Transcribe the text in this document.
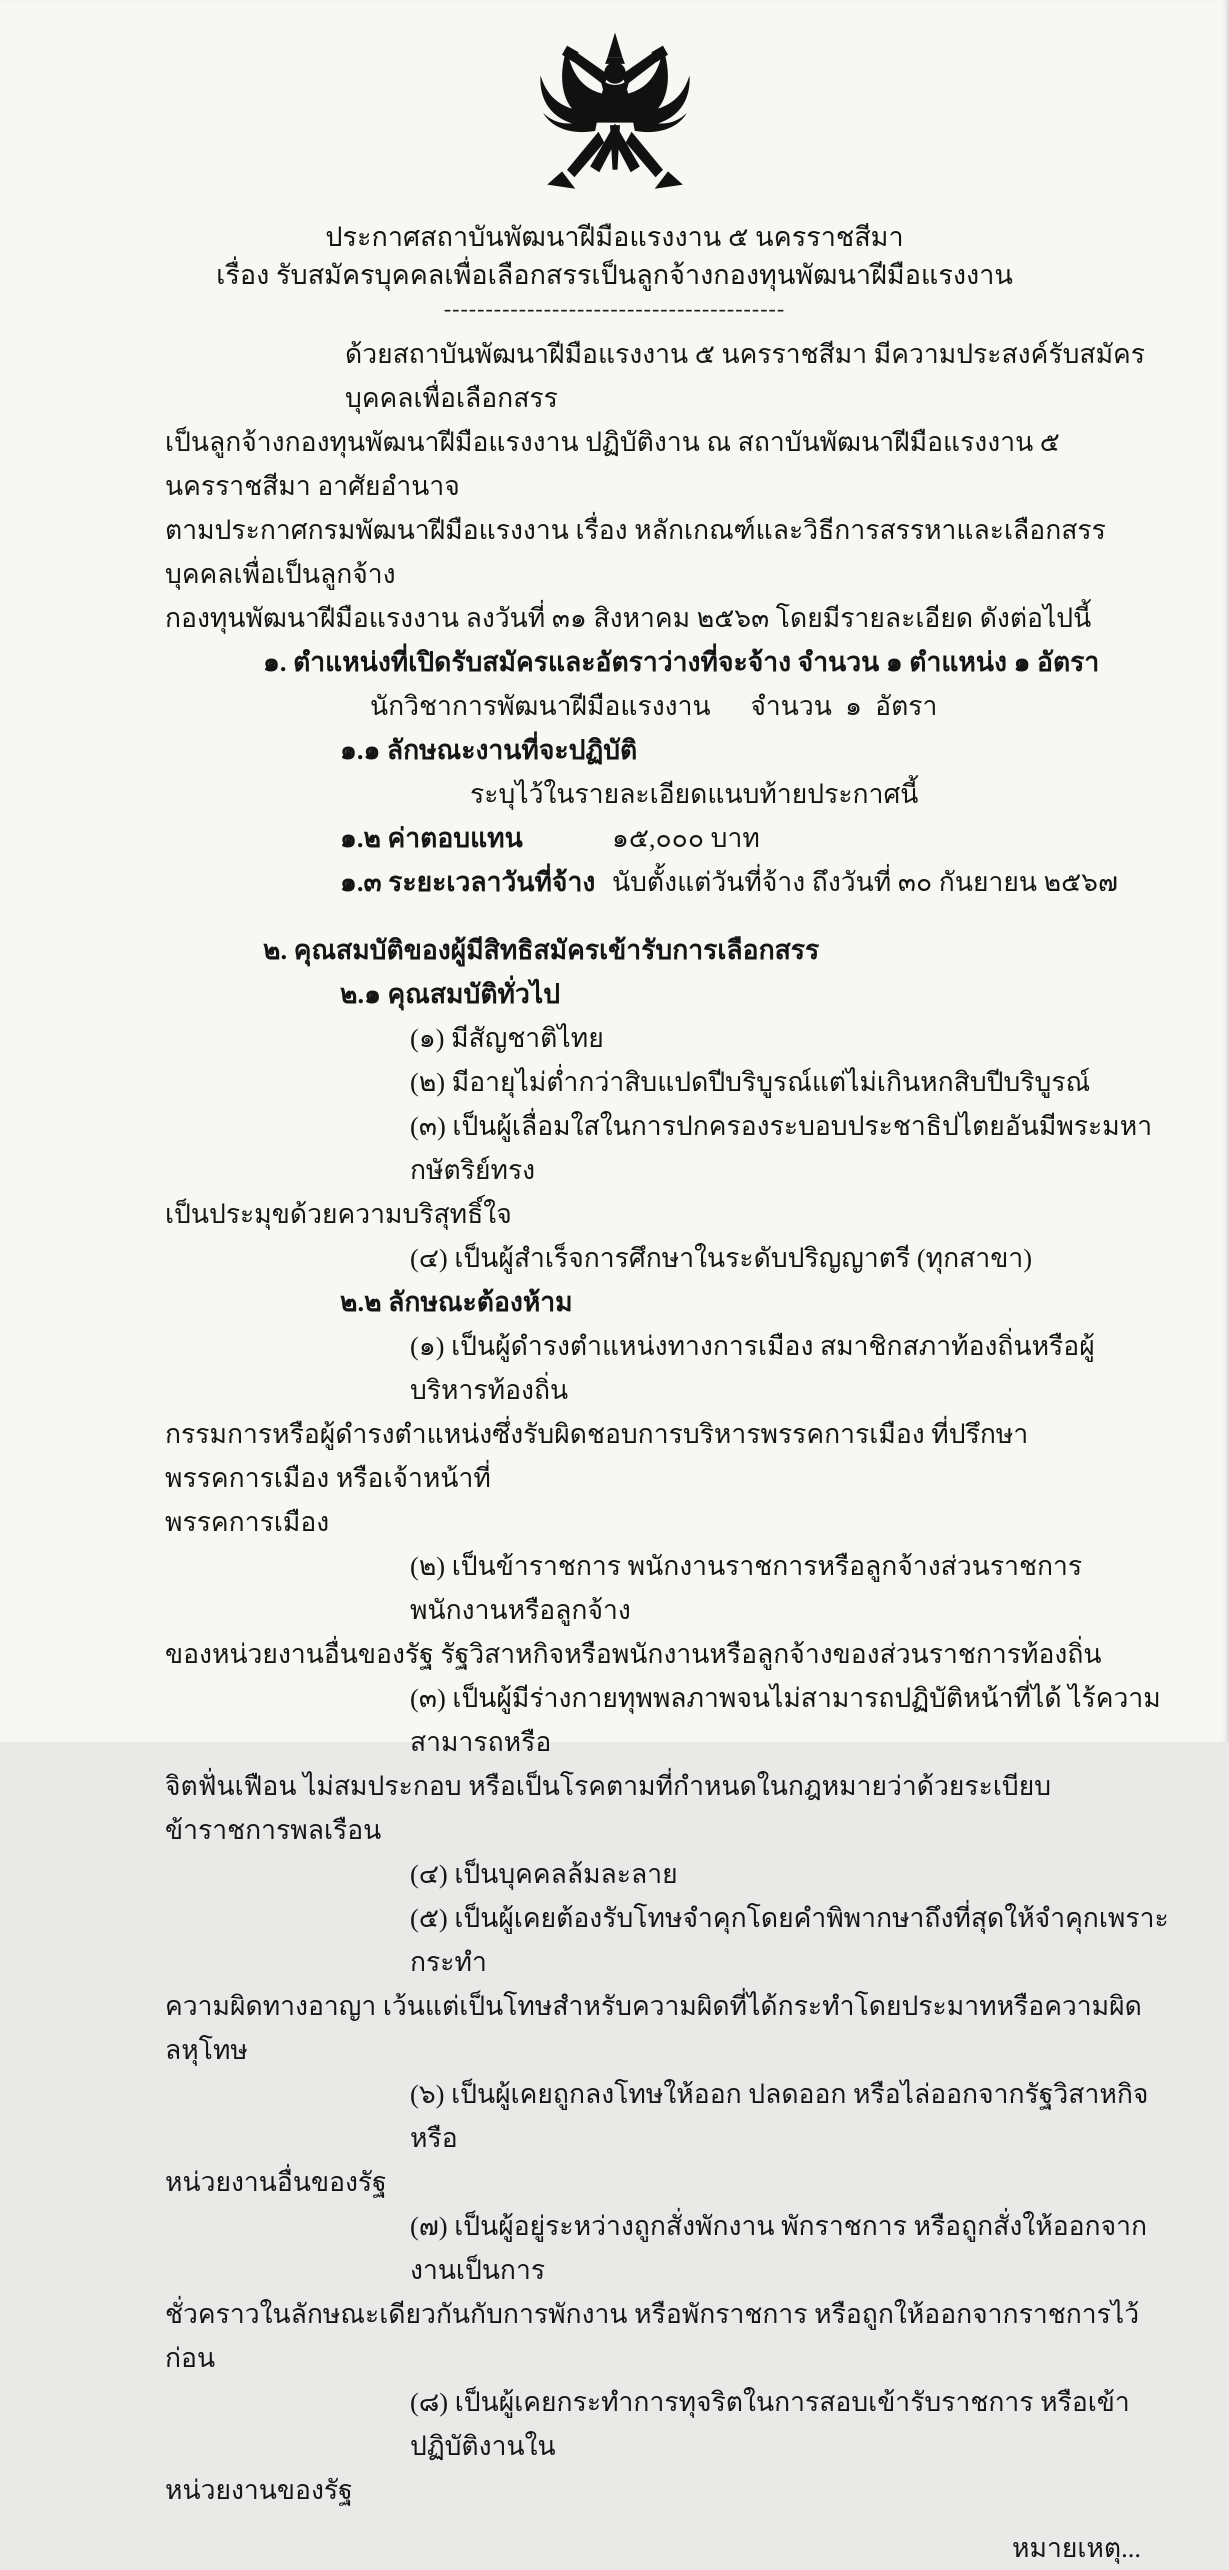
ประกาศสถาบันพัฒนาฝีมือแรงงาน ๕ นครราชสีมา
เรื่อง รับสมัครบุคคลเพื่อเลือกสรรเป็นลูกจ้างกองทุนพัฒนาฝีมือแรงงาน
-----------------------------------------
ด้วยสถาบันพัฒนาฝีมือแรงงาน ๕ นครราชสีมา มีความประสงค์รับสมัครบุคคลเพื่อเลือกสรร
เป็นลูกจ้างกองทุนพัฒนาฝีมือแรงงาน ปฏิบัติงาน ณ สถาบันพัฒนาฝีมือแรงงาน ๕ นครราชสีมา อาศัยอำนาจ
ตามประกาศกรมพัฒนาฝีมือแรงงาน เรื่อง หลักเกณฑ์และวิธีการสรรหาและเลือกสรรบุคคลเพื่อเป็นลูกจ้าง
กองทุนพัฒนาฝีมือแรงงาน ลงวันที่ ๓๑ สิงหาคม ๒๕๖๓ โดยมีรายละเอียด ดังต่อไปนี้
๑. ตำแหน่งที่เปิดรับสมัครและอัตราว่างที่จะจ้าง จำนวน ๑ ตำแหน่ง ๑ อัตรา
นักวิชาการพัฒนาฝีมือแรงงาน      จำนวน  ๑  อัตรา
๑.๑ ลักษณะงานที่จะปฏิบัติ
ระบุไว้ในรายละเอียดแนบท้ายประกาศนี้
๑.๒ ค่าตอบแทน	๑๕,๐๐๐ บาท
๑.๓ ระยะเวลาวันที่จ้าง นับตั้งแต่วันที่จ้าง ถึงวันที่ ๓๐ กันยายน ๒๕๖๗
๒. คุณสมบัติของผู้มีสิทธิสมัครเข้ารับการเลือกสรร
๒.๑ คุณสมบัติทั่วไป
(๑) มีสัญชาติไทย
(๒) มีอายุไม่ต่ำกว่าสิบแปดปีบริบูรณ์แต่ไม่เกินหกสิบปีบริบูรณ์
(๓) เป็นผู้เลื่อมใสในการปกครองระบอบประชาธิปไตยอันมีพระมหากษัตริย์ทรง
เป็นประมุขด้วยความบริสุทธิ์ใจ
(๔) เป็นผู้สำเร็จการศึกษาในระดับปริญญาตรี (ทุกสาขา)
๒.๒ ลักษณะต้องห้าม
(๑) เป็นผู้ดำรงตำแหน่งทางการเมือง สมาชิกสภาท้องถิ่นหรือผู้บริหารท้องถิ่น
กรรมการหรือผู้ดำรงตำแหน่งซึ่งรับผิดชอบการบริหารพรรคการเมือง ที่ปรึกษาพรรคการเมือง หรือเจ้าหน้าที่
พรรคการเมือง
(๒) เป็นข้าราชการ พนักงานราชการหรือลูกจ้างส่วนราชการ พนักงานหรือลูกจ้าง
ของหน่วยงานอื่นของรัฐ รัฐวิสาหกิจหรือพนักงานหรือลูกจ้างของส่วนราชการท้องถิ่น
(๓) เป็นผู้มีร่างกายทุพพลภาพจนไม่สามารถปฏิบัติหน้าที่ได้ ไร้ความสามารถหรือ
จิตฟั่นเฟือน ไม่สมประกอบ หรือเป็นโรคตามที่กำหนดในกฎหมายว่าด้วยระเบียบข้าราชการพลเรือน
(๔) เป็นบุคคลล้มละลาย
(๕) เป็นผู้เคยต้องรับโทษจำคุกโดยคำพิพากษาถึงที่สุดให้จำคุกเพราะกระทำ
ความผิดทางอาญา เว้นแต่เป็นโทษสำหรับความผิดที่ได้กระทำโดยประมาทหรือความผิดลหุโทษ
(๖) เป็นผู้เคยถูกลงโทษให้ออก ปลดออก หรือไล่ออกจากรัฐวิสาหกิจ หรือ
หน่วยงานอื่นของรัฐ
(๗) เป็นผู้อยู่ระหว่างถูกสั่งพักงาน พักราชการ หรือถูกสั่งให้ออกจากงานเป็นการ
ชั่วคราวในลักษณะเดียวกันกับการพักงาน หรือพักราชการ หรือถูกให้ออกจากราชการไว้ก่อน
(๘) เป็นผู้เคยกระทำการทุจริตในการสอบเข้ารับราชการ หรือเข้าปฏิบัติงานใน
หน่วยงานของรัฐ
หมายเหตุ...
